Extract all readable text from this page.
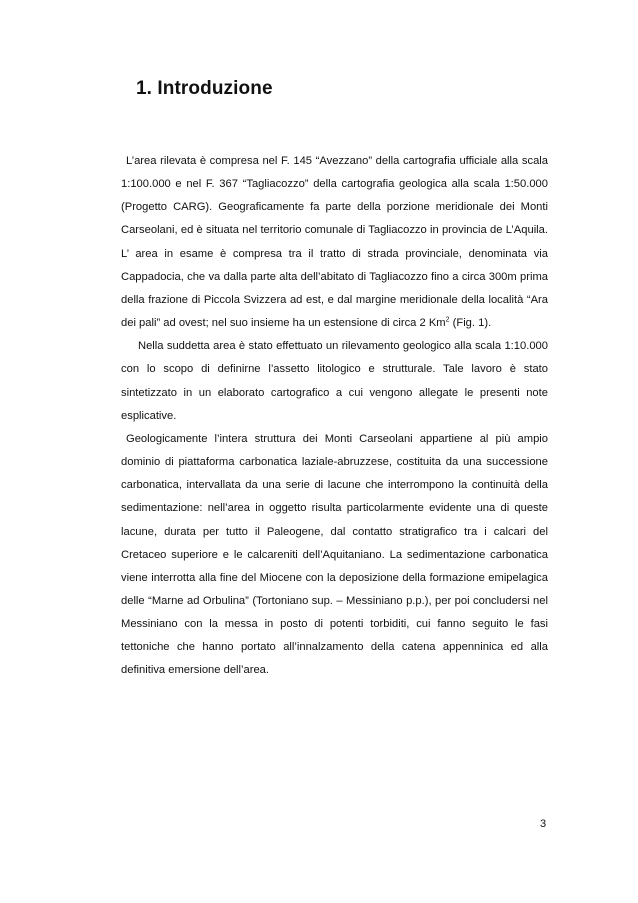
1. Introduzione

L’area rilevata è compresa nel F. 145 “Avezzano” della cartografia ufficiale alla scala 1:100.000 e nel F. 367 “Tagliacozzo” della cartografia geologica alla scala 1:50.000 (Progetto CARG). Geograficamente fa parte della porzione meridionale dei Monti Carseolani, ed è situata nel territorio comunale di Tagliacozzo in provincia de L’Aquila. L’ area in esame è compresa tra il tratto di strada provinciale, denominata via Cappadocia, che va dalla parte alta dell’abitato di Tagliacozzo fino a circa 300m prima della frazione di Piccola Svizzera ad est, e dal margine meridionale della località “Ara dei pali” ad ovest; nel suo insieme ha un estensione di circa 2 Km$^2$ (Fig. 1).

Nella suddetta area è stato effettuato un rilevamento geologico alla scala 1:10.000 con lo scopo di definirne l’assetto litologico e strutturale. Tale lavoro è stato sintetizzato in un elaborato cartografico a cui vengono allegate le presenti note esplicative.

Geologicamente l’intera struttura dei Monti Carseolani appartiene al più ampio dominio di piattaforma carbonatica laziale-abruzzese, costituita da una successione carbonatica, intervallata da una serie di lacune che interrompono la continuità della sedimentazione: nell’area in oggetto risulta particolarmente evidente una di queste lacune, durata per tutto il Paleogene, dal contatto stratigrafico tra i calcari del Cretaceo superiore e le calcareniti dell’Aquitaniano. La sedimentazione carbonatica viene interrotta alla fine del Miocene con la deposizione della formazione emipelagica delle “Marne ad Orbulina” (Tortoniano sup. – Messiniano p.p.), per poi concludersi nel Messiniano con la messa in posto di potenti torbiditi, cui fanno seguito le fasi tettoniche che hanno portato all’innalzamento della catena appenninica ed alla definitiva emersione dell’area.

3
